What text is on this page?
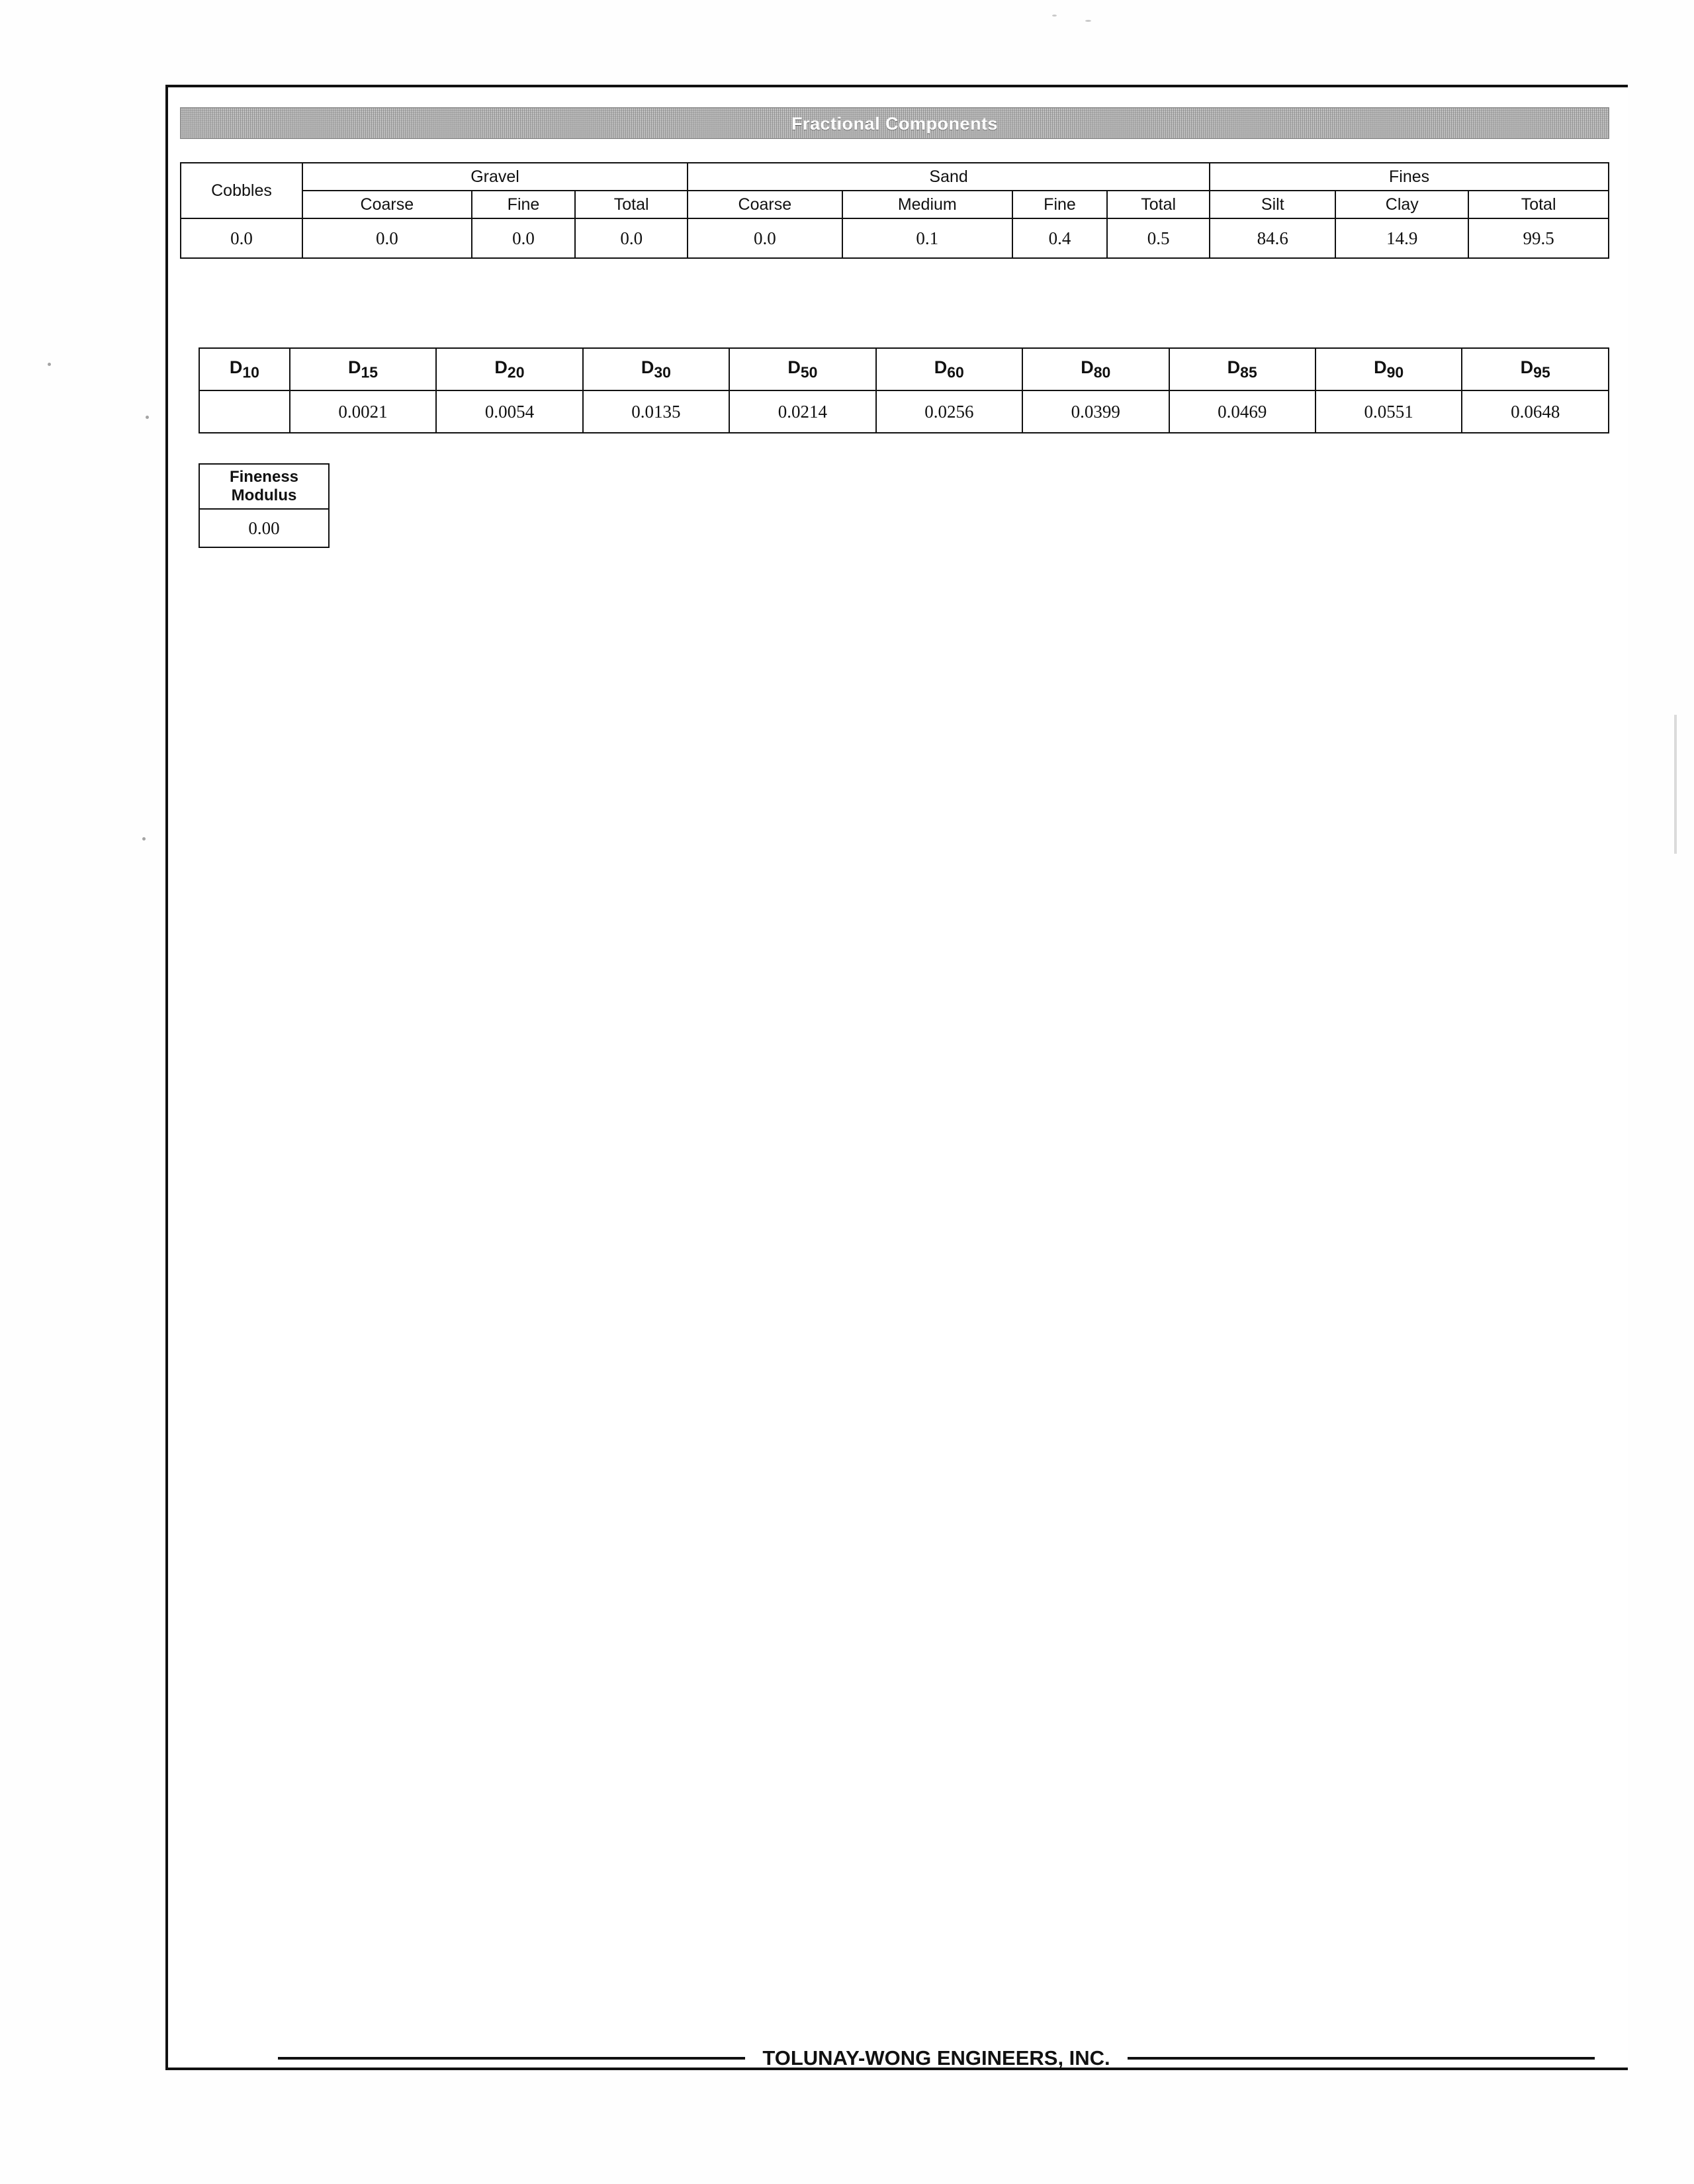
Fractional Components
Cobbles	Gravel			Sand				Fines		
	Coarse	Fine	Total	Coarse	Medium	Fine	Total	Silt	Clay	Total
0.0	0.0	0.0	0.0	0.0	0.1	0.4	0.5	84.6	14.9	99.5
$D_{10}$	$D_{15}$	$D_{20}$	$D_{30}$	$D_{50}$	$D_{60}$	$D_{80}$	$D_{85}$	$D_{90}$	$D_{95}$
	0.0021	0.0054	0.0135	0.0214	0.0256	0.0399	0.0469	0.0551	0.0648
Fineness
Modulus

0.00
TOLUNAY-WONG ENGINEERS, INC.
